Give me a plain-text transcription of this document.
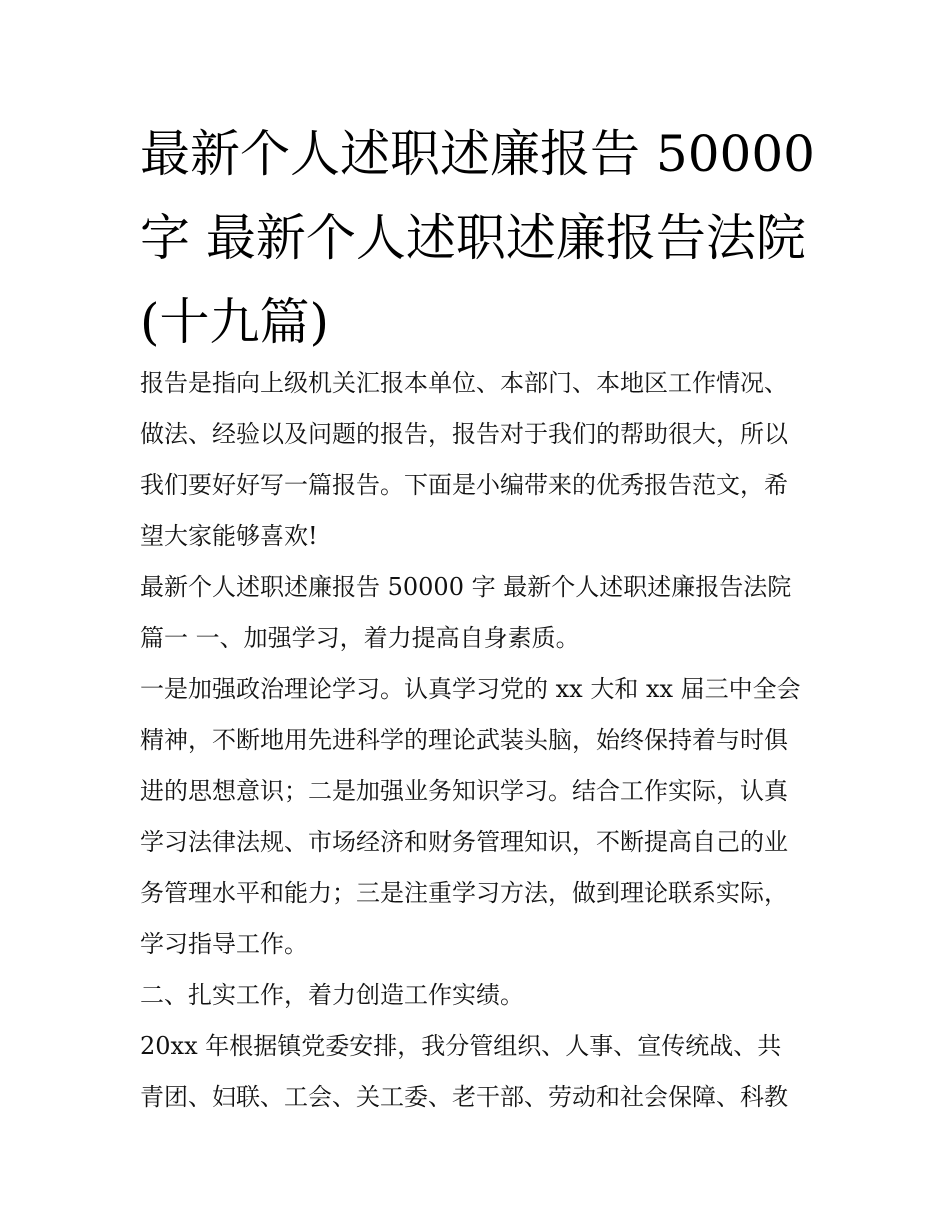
最新个人述职述廉报告 50000
字 最新个人述职述廉报告法院
(十九篇)
报告是指向上级机关汇报本单位、本部门、本地区工作情况、
做法、经验以及问题的报告，报告对于我们的帮助很大，所以
我们要好好写一篇报告。下面是小编带来的优秀报告范文，希
望大家能够喜欢!
最新个人述职述廉报告 50000 字 最新个人述职述廉报告法院
篇一 一、加强学习，着力提高自身素质。
一是加强政治理论学习。认真学习党的 xx 大和 xx 届三中全会
精神，不断地用先进科学的理论武装头脑，始终保持着与时俱
进的思想意识；二是加强业务知识学习。结合工作实际，认真
学习法律法规、市场经济和财务管理知识，不断提高自己的业
务管理水平和能力；三是注重学习方法，做到理论联系实际，
学习指导工作。
二、扎实工作，着力创造工作实绩。
20xx 年根据镇党委安排，我分管组织、人事、宣传统战、共
青团、妇联、工会、关工委、老干部、劳动和社会保障、科教
